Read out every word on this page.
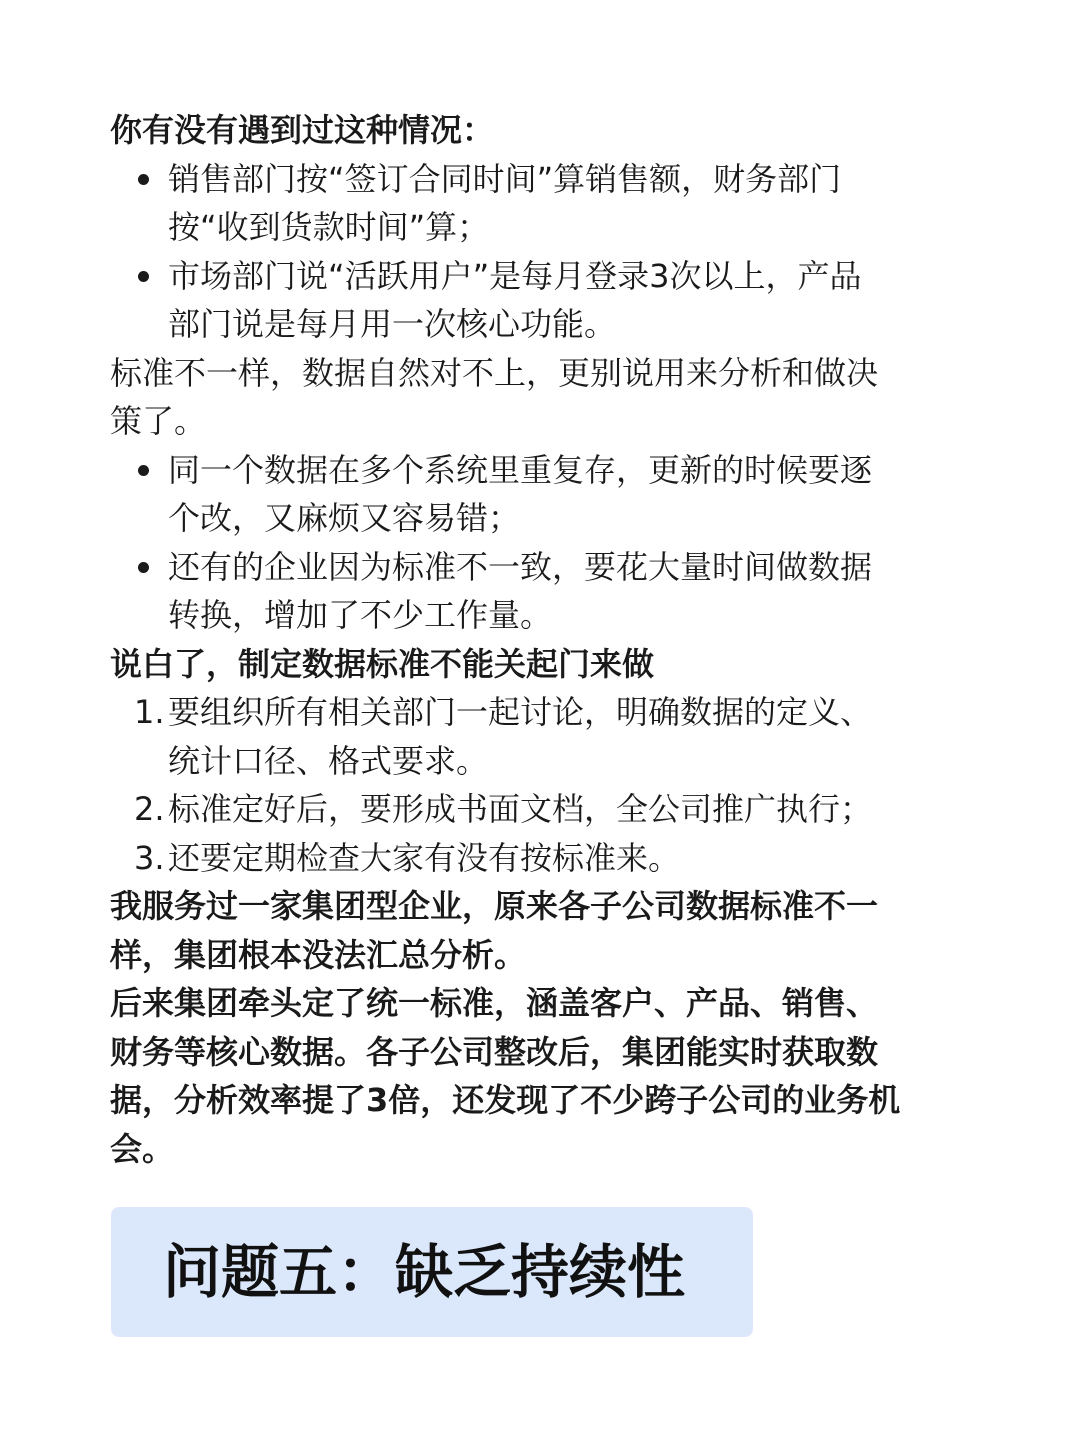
你有没有遇到过这种情况：
销售部门按“签订合同时间”算销售额，财务部门
按“收到货款时间”算；
市场部门说“活跃用户”是每月登录3次以上，产品
部门说是每月用一次核心功能。
标准不一样，数据自然对不上，更别说用来分析和做决
策了。
同一个数据在多个系统里重复存，更新的时候要逐
个改，又麻烦又容易错；
还有的企业因为标准不一致，要花大量时间做数据
转换，增加了不少工作量。
说白了，制定数据标准不能关起门来做
1. 要组织所有相关部门一起讨论，明确数据的定义、
统计口径、格式要求。
2. 标准定好后，要形成书面文档，全公司推广执行；
3. 还要定期检查大家有没有按标准来。
我服务过一家集团型企业，原来各子公司数据标准不一
样，集团根本没法汇总分析。
后来集团牵头定了统一标准，涵盖客户、产品、销售、
财务等核心数据。各子公司整改后，集团能实时获取数
据，分析效率提了3倍，还发现了不少跨子公司的业务机
会。
问题五：缺乏持续性
